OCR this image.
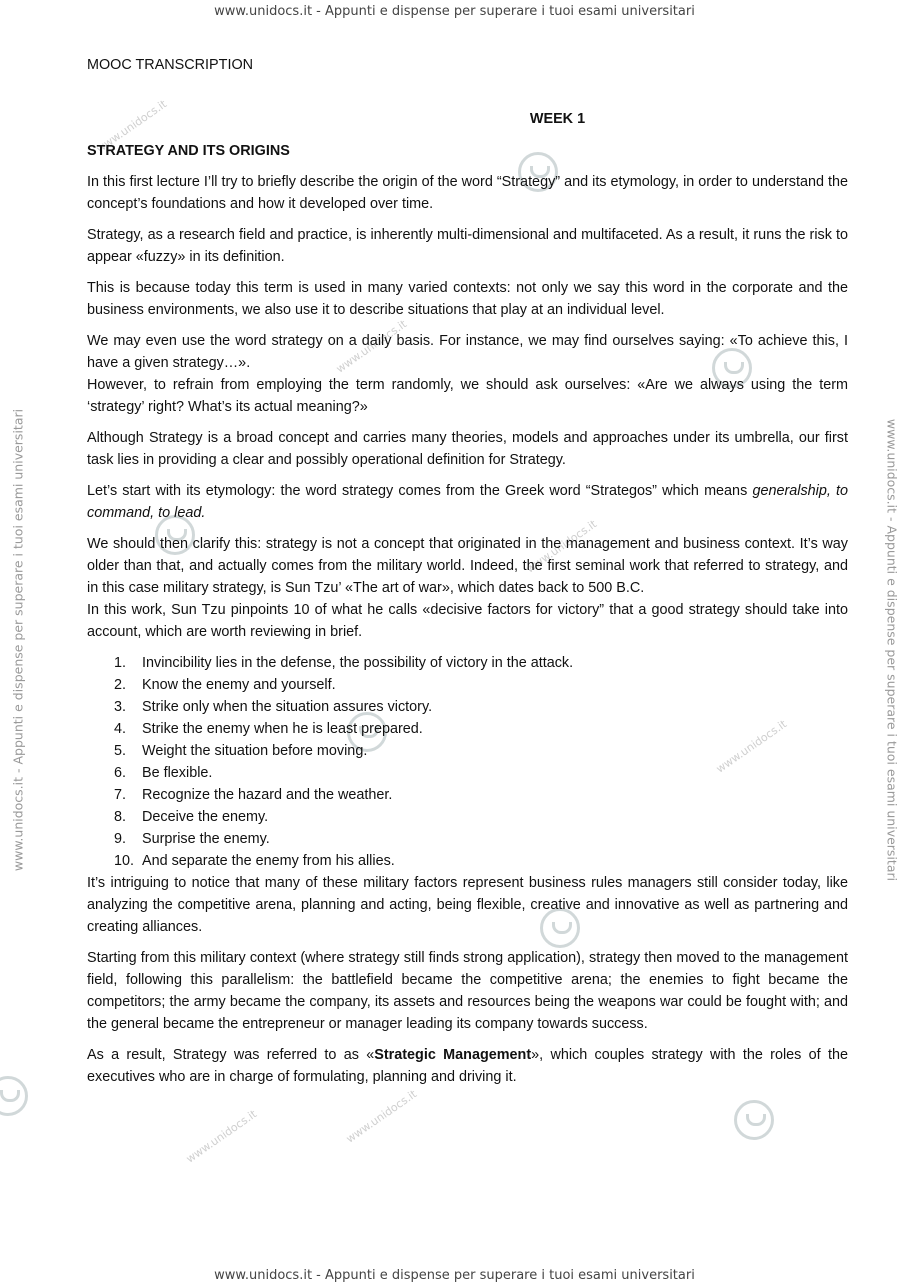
www.unidocs.it - Appunti e dispense per superare i tuoi esami universitari
www.unidocs.it - Appunti e dispense per superare i tuoi esami universitari	www.unidocs.it - Appunti e dispense per superare i tuoi esami universitari
www.unidocs.it
www.unidocs.it
www.unidocs.it
www.unidocs.it
www.unidocs.it
www.unidocs.it

MOOC TRANSCRIPTION

WEEK 1

STRATEGY AND ITS ORIGINS

In this first lecture I’ll try to briefly describe the origin of the word “Strategy” and its etymology, in order to understand the concept’s foundations and how it developed over time.

Strategy, as a research field and practice, is inherently multi-dimensional and multifaceted. As a result, it runs the risk to appear «fuzzy» in its definition.

This is because today this term is used in many varied contexts: not only we say this word in the corporate and the business environments, we also use it to describe situations that play at an individual level.

We may even use the word strategy on a daily basis. For instance, we may find ourselves saying: «To achieve this, I have a given strategy…».

However, to refrain from employing the term randomly, we should ask ourselves: «Are we always using the term ‘strategy’ right? What’s its actual meaning?»

Although Strategy is a broad concept and carries many theories, models and approaches under its umbrella, our first task lies in providing a clear and possibly operational definition for Strategy.

Let’s start with its etymology: the word strategy comes from the Greek word “Strategos” which means generalship, to command, to lead.

We should then clarify this: strategy is not a concept that originated in the management and business context. It’s way older than that, and actually comes from the military world. Indeed, the first seminal work that referred to strategy, and in this case military strategy, is Sun Tzu’ «The art of war», which dates back to 500 B.C.

In this work, Sun Tzu pinpoints 10 of what he calls «decisive factors for victory” that a good strategy should take into account, which are worth reviewing in brief.

1.	Invincibility lies in the defense, the possibility of victory in the attack.
2.	Know the enemy and yourself.
3.	Strike only when the situation assures victory.
4.	Strike the enemy when he is least prepared.
5.	Weight the situation before moving.
6.	Be flexible.
7.	Recognize the hazard and the weather.
8.	Deceive the enemy.
9.	Surprise the enemy.
10. And separate the enemy from his allies.

It’s intriguing to notice that many of these military factors represent business rules managers still consider today, like analyzing the competitive arena, planning and acting, being flexible, creative and innovative as well as partnering and creating alliances.

Starting from this military context (where strategy still finds strong application), strategy then moved to the management field, following this parallelism: the battlefield became the competitive arena; the enemies to fight became the competitors; the army became the company, its assets and resources being the weapons war could be fought with; and the general became the entrepreneur or manager leading its company towards success.

As a result, Strategy was referred to as «Strategic Management», which couples strategy with the roles of the executives who are in charge of formulating, planning and driving it.

www.unidocs.it - Appunti e dispense per superare i tuoi esami universitari
